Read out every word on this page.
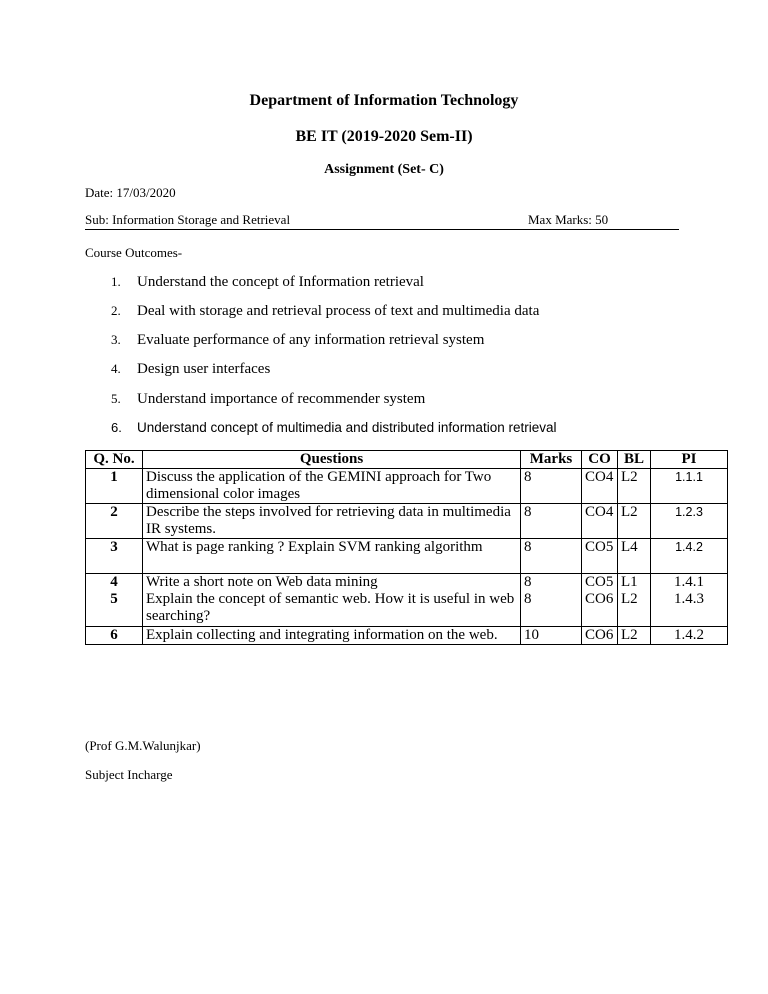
Department of Information Technology
BE IT (2019-2020 Sem-II)
Assignment (Set- C)
Date: 17/03/2020
Sub: Information Storage and Retrieval	Max Marks: 50
Course Outcomes-
1. Understand the concept of Information retrieval
2. Deal with storage and retrieval process of text and multimedia data
3. Evaluate performance of any information retrieval system
4. Design user interfaces
5. Understand importance of recommender system
6. Understand concept of multimedia and distributed information retrieval
Q. No.	Questions	Marks	CO	BL	PI
1	Discuss the application of the GEMINI approach for Two dimensional color images	8	CO4	L2	1.1.1
2	Describe the steps involved for retrieving data in multimedia IR systems.	8	CO4	L2	1.2.3
3	What is page ranking ? Explain SVM ranking algorithm	8	CO5	L4	1.4.2
4	Write a short note on Web data mining	8	CO5	L1	1.4.1
5	Explain the concept of semantic web. How it is useful in web searching?	8	CO6	L2	1.4.3
6	Explain collecting and integrating information on the web.	10	CO6	L2	1.4.2
(Prof G.M.Walunjkar)
Subject Incharge
